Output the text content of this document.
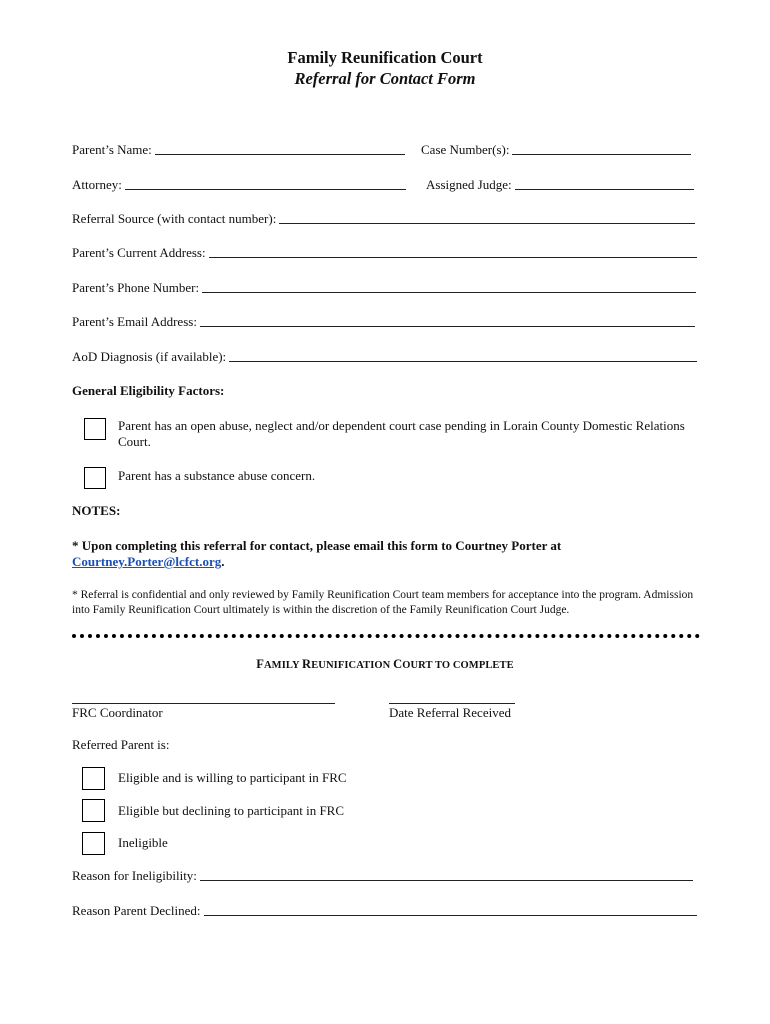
Family Reunification Court
Referral for Contact Form
Parent’s Name:	Case Number(s):
Attorney:	Assigned Judge:
Referral Source (with contact number):
Parent’s Current Address:
Parent’s Phone Number:
Parent’s Email Address:
AoD Diagnosis (if available):
General Eligibility Factors:
Parent has an open abuse, neglect and/or dependent court case pending in Lorain County Domestic Relations Court.
Parent has a substance abuse concern.
NOTES:
* Upon completing this referral for contact, please email this form to Courtney Porter at
Courtney.Porter@lcfct.org.
* Referral is confidential and only reviewed by Family Reunification Court team members for acceptance into the program. Admission into Family Reunification Court ultimately is within the discretion of the Family Reunification Court Judge.
FAMILY REUNIFICATION COURT TO COMPLETE
FRC Coordinator	Date Referral Received
Referred Parent is:
Eligible and is willing to participant in FRC
Eligible but declining to participant in FRC
Ineligible
Reason for Ineligibility:
Reason Parent Declined:
